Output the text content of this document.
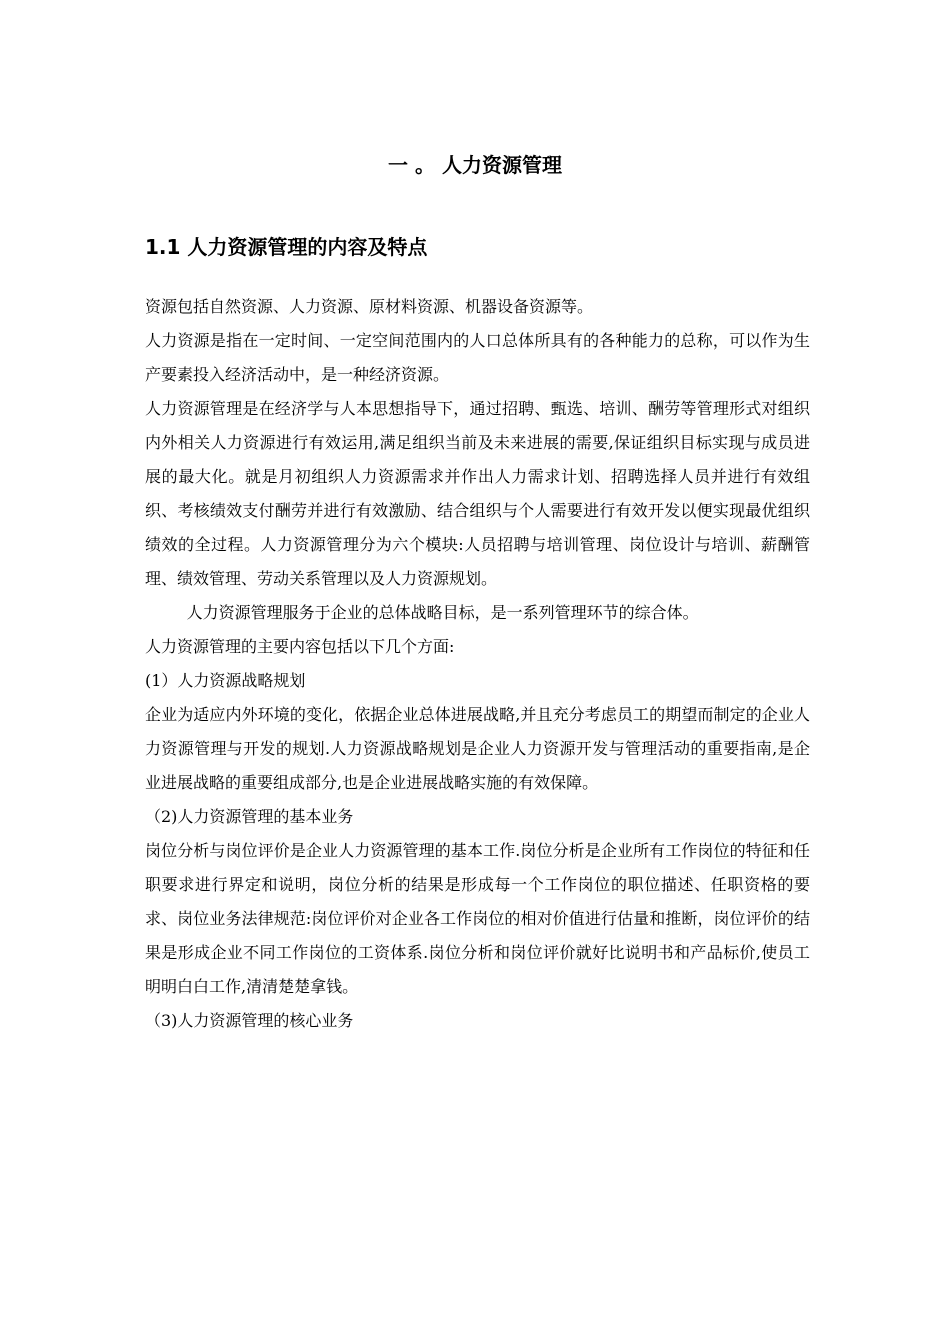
一 。 人力资源管理
1.1 人力资源管理的内容及特点

资源包括自然资源、人力资源、原材料资源、机器设备资源等。

人力资源是指在一定时间、一定空间范围内的人口总体所具有的各种能力的总称，可以作为生产要素投入经济活动中，是一种经济资源。

人力资源管理是在经济学与人本思想指导下，通过招聘、甄选、培训、酬劳等管理形式对组织内外相关人力资源进行有效运用,满足组织当前及未来进展的需要,保证组织目标实现与成员进展的最大化。就是月初组织人力资源需求并作出人力需求计划、招聘选择人员并进行有效组织、考核绩效支付酬劳并进行有效激励、结合组织与个人需要进行有效开发以便实现最优组织绩效的全过程。人力资源管理分为六个模块:人员招聘与培训管理、岗位设计与培训、薪酬管理、绩效管理、劳动关系管理以及人力资源规划。

人力资源管理服务于企业的总体战略目标，是一系列管理环节的综合体。

人力资源管理的主要内容包括以下几个方面:

(1）人力资源战略规划

企业为适应内外环境的变化，依据企业总体进展战略,并且充分考虑员工的期望而制定的企业人力资源管理与开发的规划.人力资源战略规划是企业人力资源开发与管理活动的重要指南,是企业进展战略的重要组成部分,也是企业进展战略实施的有效保障。

（2)人力资源管理的基本业务

岗位分析与岗位评价是企业人力资源管理的基本工作.岗位分析是企业所有工作岗位的特征和任职要求进行界定和说明，岗位分析的结果是形成每一个工作岗位的职位描述、任职资格的要求、岗位业务法律规范:岗位评价对企业各工作岗位的相对价值进行估量和推断，岗位评价的结果是形成企业不同工作岗位的工资体系.岗位分析和岗位评价就好比说明书和产品标价,使员工明明白白工作,清清楚楚拿钱。

（3)人力资源管理的核心业务
